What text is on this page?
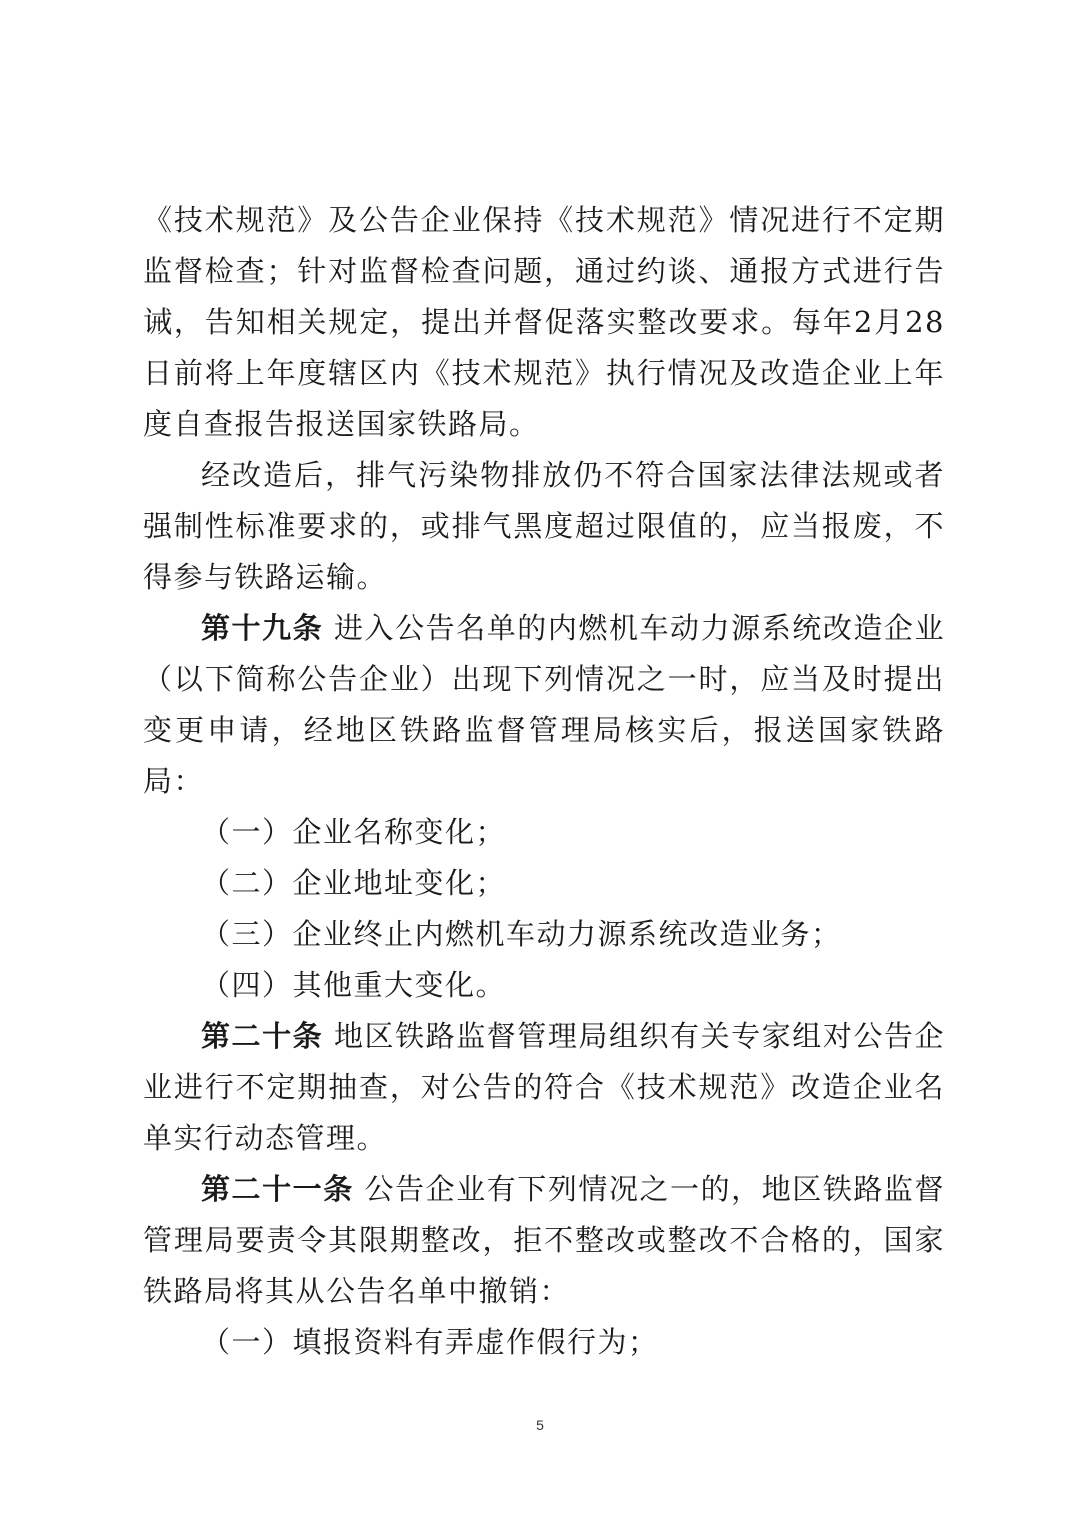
《技术规范》及公告企业保持《技术规范》情况进行不定期监督检查；针对监督检查问题，通过约谈、通报方式进行告诫，告知相关规定，提出并督促落实整改要求。每年2月28日前将上年度辖区内《技术规范》执行情况及改造企业上年度自查报告报送国家铁路局。

经改造后，排气污染物排放仍不符合国家法律法规或者强制性标准要求的，或排气黑度超过限值的，应当报废，不得参与铁路运输。

第十九条 进入公告名单的内燃机车动力源系统改造企业（以下简称公告企业）出现下列情况之一时，应当及时提出变更申请，经地区铁路监督管理局核实后，报送国家铁路局：

（一）企业名称变化；

（二）企业地址变化；

（三）企业终止内燃机车动力源系统改造业务；

（四）其他重大变化。

第二十条 地区铁路监督管理局组织有关专家组对公告企业进行不定期抽查，对公告的符合《技术规范》改造企业名单实行动态管理。

第二十一条 公告企业有下列情况之一的，地区铁路监督管理局要责令其限期整改，拒不整改或整改不合格的，国家铁路局将其从公告名单中撤销：

（一）填报资料有弄虚作假行为；

5
